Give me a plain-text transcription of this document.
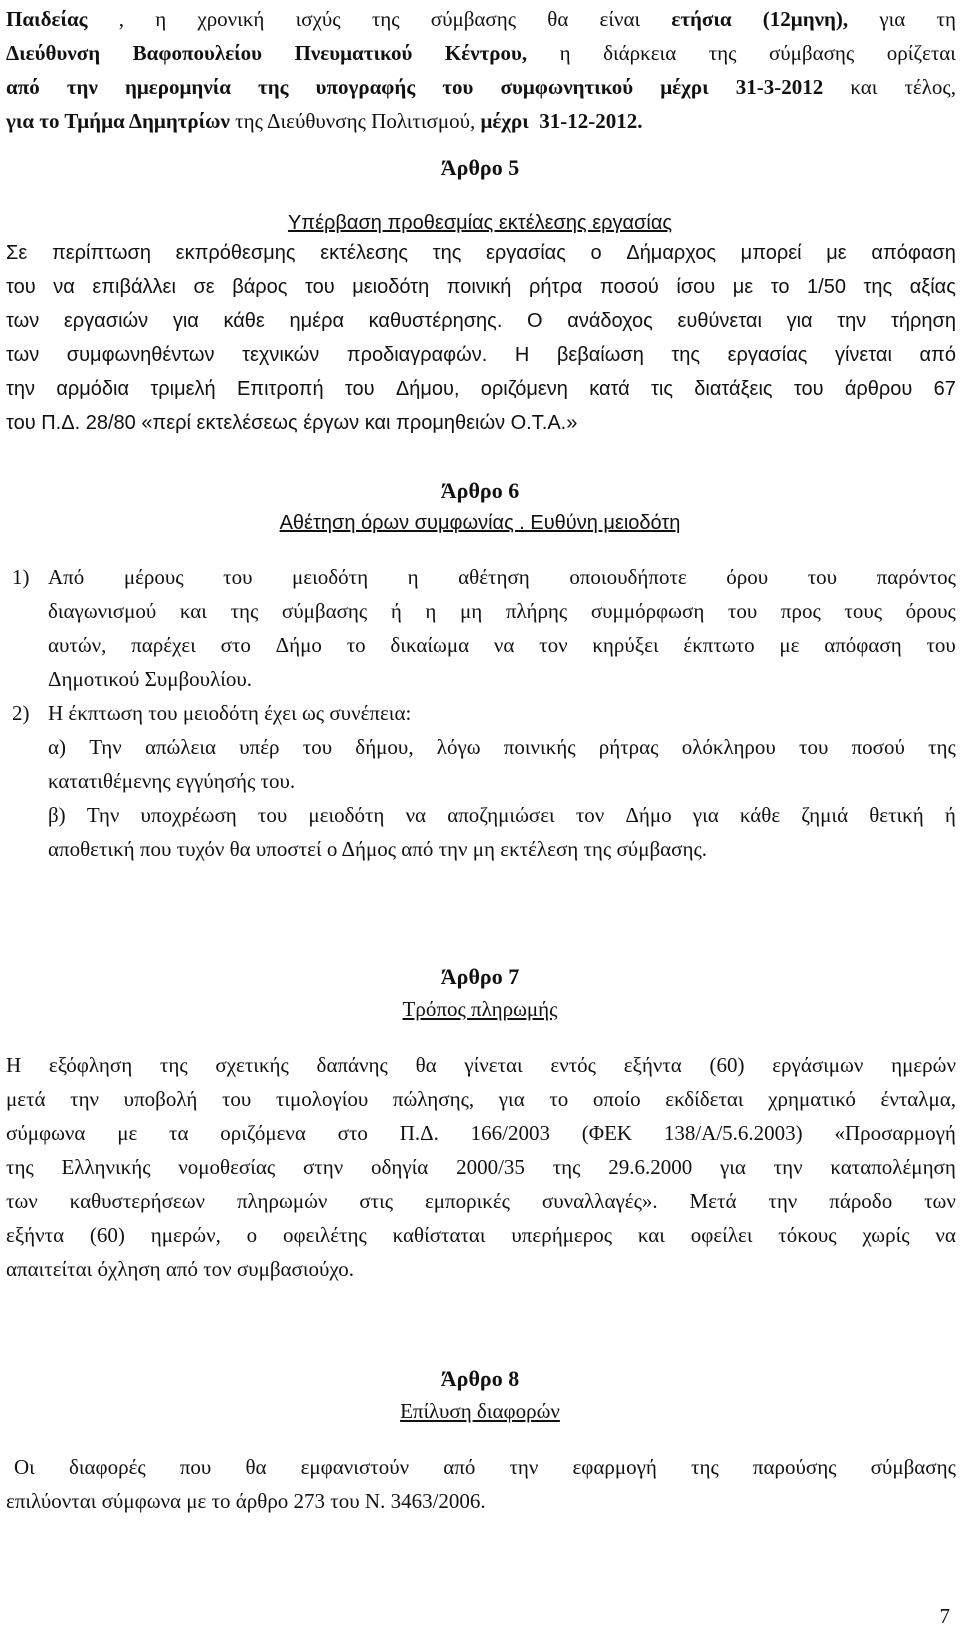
Παιδείας , η χρονική ισχύς της σύμβασης θα είναι ετήσια (12μηνη), για τη
Διεύθυνση Βαφοπουλείου Πνευματικού Κέντρου, η διάρκεια της σύμβασης ορίζεται
από την ημερομηνία της υπογραφής του συμφωνητικού μέχρι 31-3-2012 και τέλος,
για το Τμήμα Δημητρίων της Διεύθυνσης Πολιτισμού, μέχρι  31-12-2012.
Άρθρο 5
Υπέρβαση προθεσμίας εκτέλεσης εργασίας
Σε περίπτωση εκπρόθεσμης εκτέλεσης της εργασίας ο Δήμαρχος μπορεί με απόφαση
του να επιβάλλει σε βάρος του μειοδότη ποινική ρήτρα ποσού ίσου με το 1/50 της αξίας
των εργασιών για κάθε ημέρα καθυστέρησης. Ο ανάδοχος ευθύνεται για την τήρηση
των συμφωνηθέντων τεχνικών προδιαγραφών. Η βεβαίωση της εργασίας γίνεται από
την αρμόδια τριμελή Επιτροπή του Δήμου, οριζόμενη κατά τις διατάξεις του άρθρου 67
του Π.Δ. 28/80 «περί εκτελέσεως έργων και προμηθειών Ο.Τ.Α.»
Άρθρο 6
Αθέτηση όρων συμφωνίας . Ευθύνη μειοδότη
1) Από μέρους του μειοδότη η αθέτηση οποιουδήποτε όρου του παρόντος
διαγωνισμού και της σύμβασης ή η μη πλήρης συμμόρφωση του προς τους όρους
αυτών, παρέχει στο Δήμο το δικαίωμα να τον κηρύξει έκπτωτο με απόφαση του
Δημοτικού Συμβουλίου.
2) Η έκπτωση του μειοδότη έχει ως συνέπεια:
α) Την απώλεια υπέρ του δήμου, λόγω ποινικής ρήτρας ολόκληρου του ποσού της
κατατιθέμενης εγγύησής του.
β) Την υποχρέωση του μειοδότη να αποζημιώσει τον Δήμο για κάθε ζημιά θετική ή
αποθετική που τυχόν θα υποστεί ο Δήμος από την μη εκτέλεση της σύμβασης.
Άρθρο 7
Τρόπος πληρωμής
Η εξόφληση της σχετικής δαπάνης θα γίνεται εντός εξήντα (60) εργάσιμων ημερών
μετά την υποβολή του τιμολογίου πώλησης, για το οποίο εκδίδεται χρηματικό ένταλμα,
σύμφωνα με τα οριζόμενα στο Π.Δ. 166/2003 (ΦΕΚ 138/Α/5.6.2003) «Προσαρμογή
της Ελληνικής νομοθεσίας στην οδηγία 2000/35 της 29.6.2000 για την καταπολέμηση
των καθυστερήσεων πληρωμών στις εμπορικές συναλλαγές». Μετά την πάροδο των
εξήντα (60) ημερών, ο οφειλέτης καθίσταται υπερήμερος και οφείλει τόκους χωρίς να
απαιτείται όχληση από τον συμβασιούχο.
Άρθρο 8
Επίλυση διαφορών
Οι διαφορές που θα εμφανιστούν από την εφαρμογή της παρούσης σύμβασης
επιλύονται σύμφωνα με το άρθρο 273 του Ν. 3463/2006.
7
